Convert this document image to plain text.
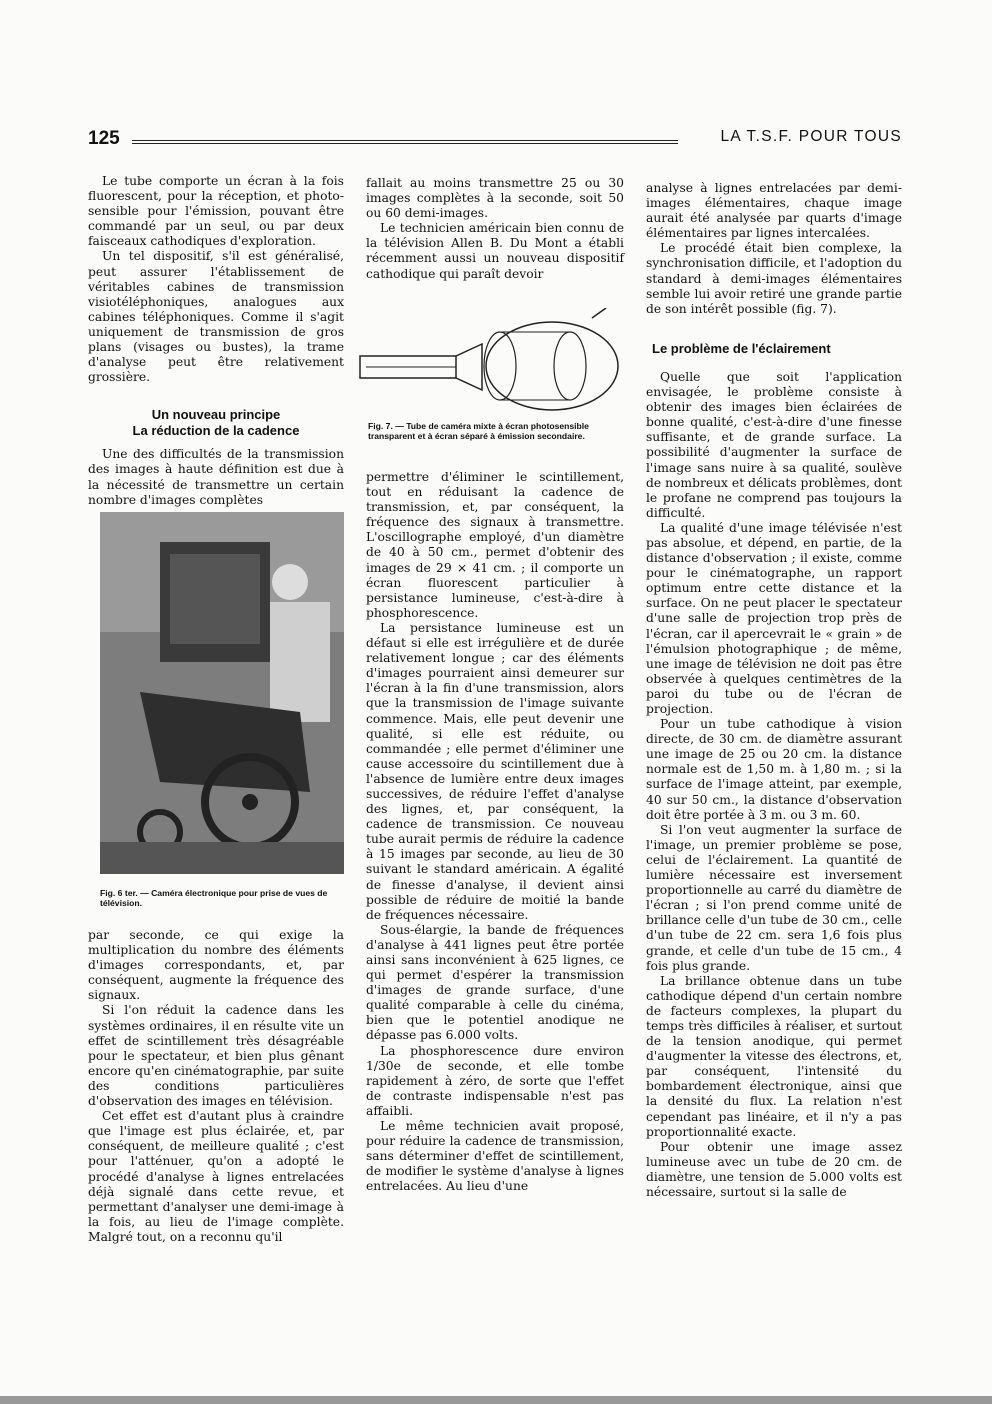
125	LA T.S.F. POUR TOUS

Le tube comporte un écran à la fois fluorescent, pour la réception, et photo-sensible pour l'émission, pouvant être commandé par un seul, ou par deux faisceaux cathodiques d'exploration.

Un tel dispositif, s'il est généralisé, peut assurer l'établissement de véritables cabines de transmission visiotéléphoniques, analogues aux cabines téléphoniques. Comme il s'agit uniquement de transmission de gros plans (visages ou bustes), la trame d'analyse peut être relativement grossière.

Un nouveau principe
La réduction de la cadence

Une des difficultés de la transmission des images à haute définition est due à la nécessité de transmettre un certain nombre d'images complètes

Fig. 6 ter. — Caméra électronique pour prise de vues de télévision.

par seconde, ce qui exige la multiplication du nombre des éléments d'images correspondants, et, par conséquent, augmente la fréquence des signaux.

Si l'on réduit la cadence dans les systèmes ordinaires, il en résulte vite un effet de scintillement très désagréable pour le spectateur, et bien plus gênant encore qu'en cinématographie, par suite des conditions particulières d'observation des images en télévision.

Cet effet est d'autant plus à craindre que l'image est plus éclairée, et, par conséquent, de meilleure qualité ; c'est pour l'atténuer, qu'on a adopté le procédé d'analyse à lignes entrelacées déjà signalé dans cette revue, et permettant d'analyser une demi-image à la fois, au lieu de l'image complète. Malgré tout, on a reconnu qu'il

fallait au moins transmettre 25 ou 30 images complètes à la seconde, soit 50 ou 60 demi-images.

Le technicien américain bien connu de la télévision Allen B. Du Mont a établi récemment aussi un nouveau dispositif cathodique qui paraît devoir

Fig. 7. — Tube de caméra mixte à écran photosensible transparent et à écran séparé à émission secondaire.

permettre d'éliminer le scintillement, tout en réduisant la cadence de transmission, et, par conséquent, la fréquence des signaux à transmettre. L'oscillographe employé, d'un diamètre de 40 à 50 cm., permet d'obtenir des images de 29 × 41 cm. ; il comporte un écran fluorescent particulier à persistance lumineuse, c'est-à-dire à phosphorescence.

La persistance lumineuse est un défaut si elle est irrégulière et de durée relativement longue ; car des éléments d'images pourraient ainsi demeurer sur l'écran à la fin d'une transmission, alors que la transmission de l'image suivante commence. Mais, elle peut devenir une qualité, si elle est réduite, ou commandée ; elle permet d'éliminer une cause accessoire du scintillement due à l'absence de lumière entre deux images successives, de réduire l'effet d'analyse des lignes, et, par conséquent, la cadence de transmission. Ce nouveau tube aurait permis de réduire la cadence à 15 images par seconde, au lieu de 30 suivant le standard américain. A égalité de finesse d'analyse, il devient ainsi possible de réduire de moitié la bande de fréquences nécessaire.

Sous-élargie, la bande de fréquences d'analyse à 441 lignes peut être portée ainsi sans inconvénient à 625 lignes, ce qui permet d'espérer la transmission d'images de grande surface, d'une qualité comparable à celle du cinéma, bien que le potentiel anodique ne dépasse pas 6.000 volts.

La phosphorescence dure environ 1/30e de seconde, et elle tombe rapidement à zéro, de sorte que l'effet de contraste indispensable n'est pas affaibli.

Le même technicien avait proposé, pour réduire la cadence de transmission, sans déterminer d'effet de scintillement, de modifier le système d'analyse à lignes entrelacées. Au lieu d'une

analyse à lignes entrelacées par demi-images élémentaires, chaque image aurait été analysée par quarts d'image élémentaires par lignes intercalées.

Le procédé était bien complexe, la synchronisation difficile, et l'adoption du standard à demi-images élémentaires semble lui avoir retiré une grande partie de son intérêt possible (fig. 7).

Le problème de l'éclairement

Quelle que soit l'application envisagée, le problème consiste à obtenir des images bien éclairées de bonne qualité, c'est-à-dire d'une finesse suffisante, et de grande surface. La possibilité d'augmenter la surface de l'image sans nuire à sa qualité, soulève de nombreux et délicats problèmes, dont le profane ne comprend pas toujours la difficulté.

La qualité d'une image télévisée n'est pas absolue, et dépend, en partie, de la distance d'observation ; il existe, comme pour le cinématographe, un rapport optimum entre cette distance et la surface. On ne peut placer le spectateur d'une salle de projection trop près de l'écran, car il apercevrait le « grain » de l'émulsion photographique ; de même, une image de télévision ne doit pas être observée à quelques centimètres de la paroi du tube ou de l'écran de projection.

Pour un tube cathodique à vision directe, de 30 cm. de diamètre assurant une image de 25 ou 20 cm. la distance normale est de 1,50 m. à 1,80 m. ; si la surface de l'image atteint, par exemple, 40 sur 50 cm., la distance d'observation doit être portée à 3 m. ou 3 m. 60.

Si l'on veut augmenter la surface de l'image, un premier problème se pose, celui de l'éclairement. La quantité de lumière nécessaire est inversement proportionnelle au carré du diamètre de l'écran ; si l'on prend comme unité de brillance celle d'un tube de 30 cm., celle d'un tube de 22 cm. sera 1,6 fois plus grande, et celle d'un tube de 15 cm., 4 fois plus grande.

La brillance obtenue dans un tube cathodique dépend d'un certain nombre de facteurs complexes, la plupart du temps très difficiles à réaliser, et surtout de la tension anodique, qui permet d'augmenter la vitesse des électrons, et, par conséquent, l'intensité du bombardement électronique, ainsi que la densité du flux. La relation n'est cependant pas linéaire, et il n'y a pas proportionnalité exacte.

Pour obtenir une image assez lumineuse avec un tube de 20 cm. de diamètre, une tension de 5.000 volts est nécessaire, surtout si la salle de
